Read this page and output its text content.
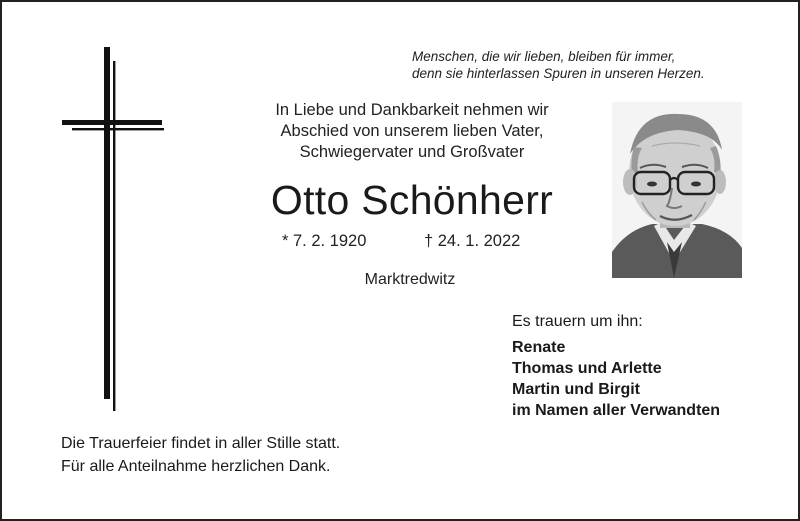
Menschen, die wir lieben, bleiben für immer,
denn sie hinterlassen Spuren in unseren Herzen.
In Liebe und Dankbarkeit nehmen wir
Abschied von unserem lieben Vater,
Schwiegervater und Großvater
Otto Schönherr
* 7. 2. 1920	† 24. 1. 2022
Marktredwitz
Es trauern um ihn:
Renate
Thomas und Arlette
Martin und Birgit
im Namen aller Verwandten
Die Trauerfeier findet in aller Stille statt.
Für alle Anteilnahme herzlichen Dank.
